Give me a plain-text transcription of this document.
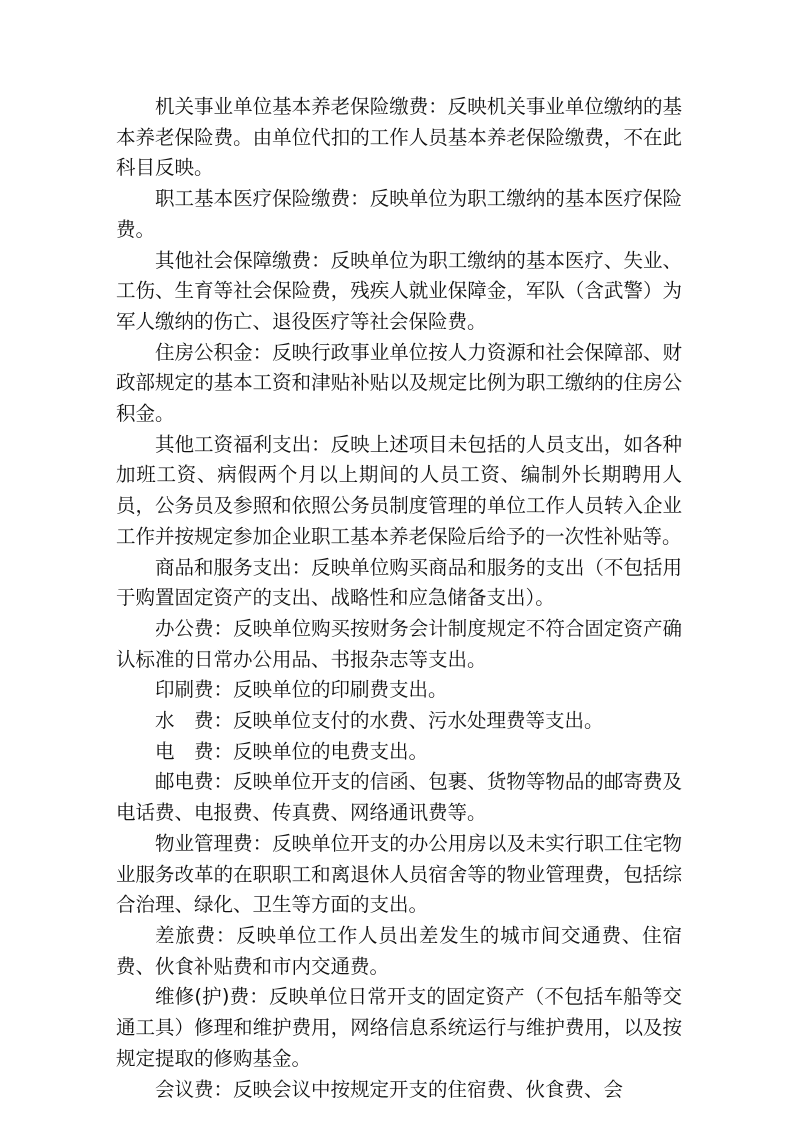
机关事业单位基本养老保险缴费：反映机关事业单位缴纳的基本养老保险费。由单位代扣的工作人员基本养老保险缴费，不在此科目反映。

职工基本医疗保险缴费：反映单位为职工缴纳的基本医疗保险费。

其他社会保障缴费：反映单位为职工缴纳的基本医疗、失业、工伤、生育等社会保险费，残疾人就业保障金，军队（含武警）为军人缴纳的伤亡、退役医疗等社会保险费。

住房公积金：反映行政事业单位按人力资源和社会保障部、财政部规定的基本工资和津贴补贴以及规定比例为职工缴纳的住房公积金。

其他工资福利支出：反映上述项目未包括的人员支出，如各种加班工资、病假两个月以上期间的人员工资、编制外长期聘用人员，公务员及参照和依照公务员制度管理的单位工作人员转入企业工作并按规定参加企业职工基本养老保险后给予的一次性补贴等。

商品和服务支出：反映单位购买商品和服务的支出（不包括用于购置固定资产的支出、战略性和应急储备支出）。

办公费：反映单位购买按财务会计制度规定不符合固定资产确认标准的日常办公用品、书报杂志等支出。

印刷费：反映单位的印刷费支出。

水　费：反映单位支付的水费、污水处理费等支出。

电　费：反映单位的电费支出。

邮电费：反映单位开支的信函、包裹、货物等物品的邮寄费及电话费、电报费、传真费、网络通讯费等。

物业管理费：反映单位开支的办公用房以及未实行职工住宅物业服务改革的在职职工和离退休人员宿舍等的物业管理费，包括综合治理、绿化、卫生等方面的支出。

差旅费：反映单位工作人员出差发生的城市间交通费、住宿费、伙食补贴费和市内交通费。

维修(护)费：反映单位日常开支的固定资产（不包括车船等交通工具）修理和维护费用，网络信息系统运行与维护费用，以及按规定提取的修购基金。

会议费：反映会议中按规定开支的住宿费、伙食费、会
